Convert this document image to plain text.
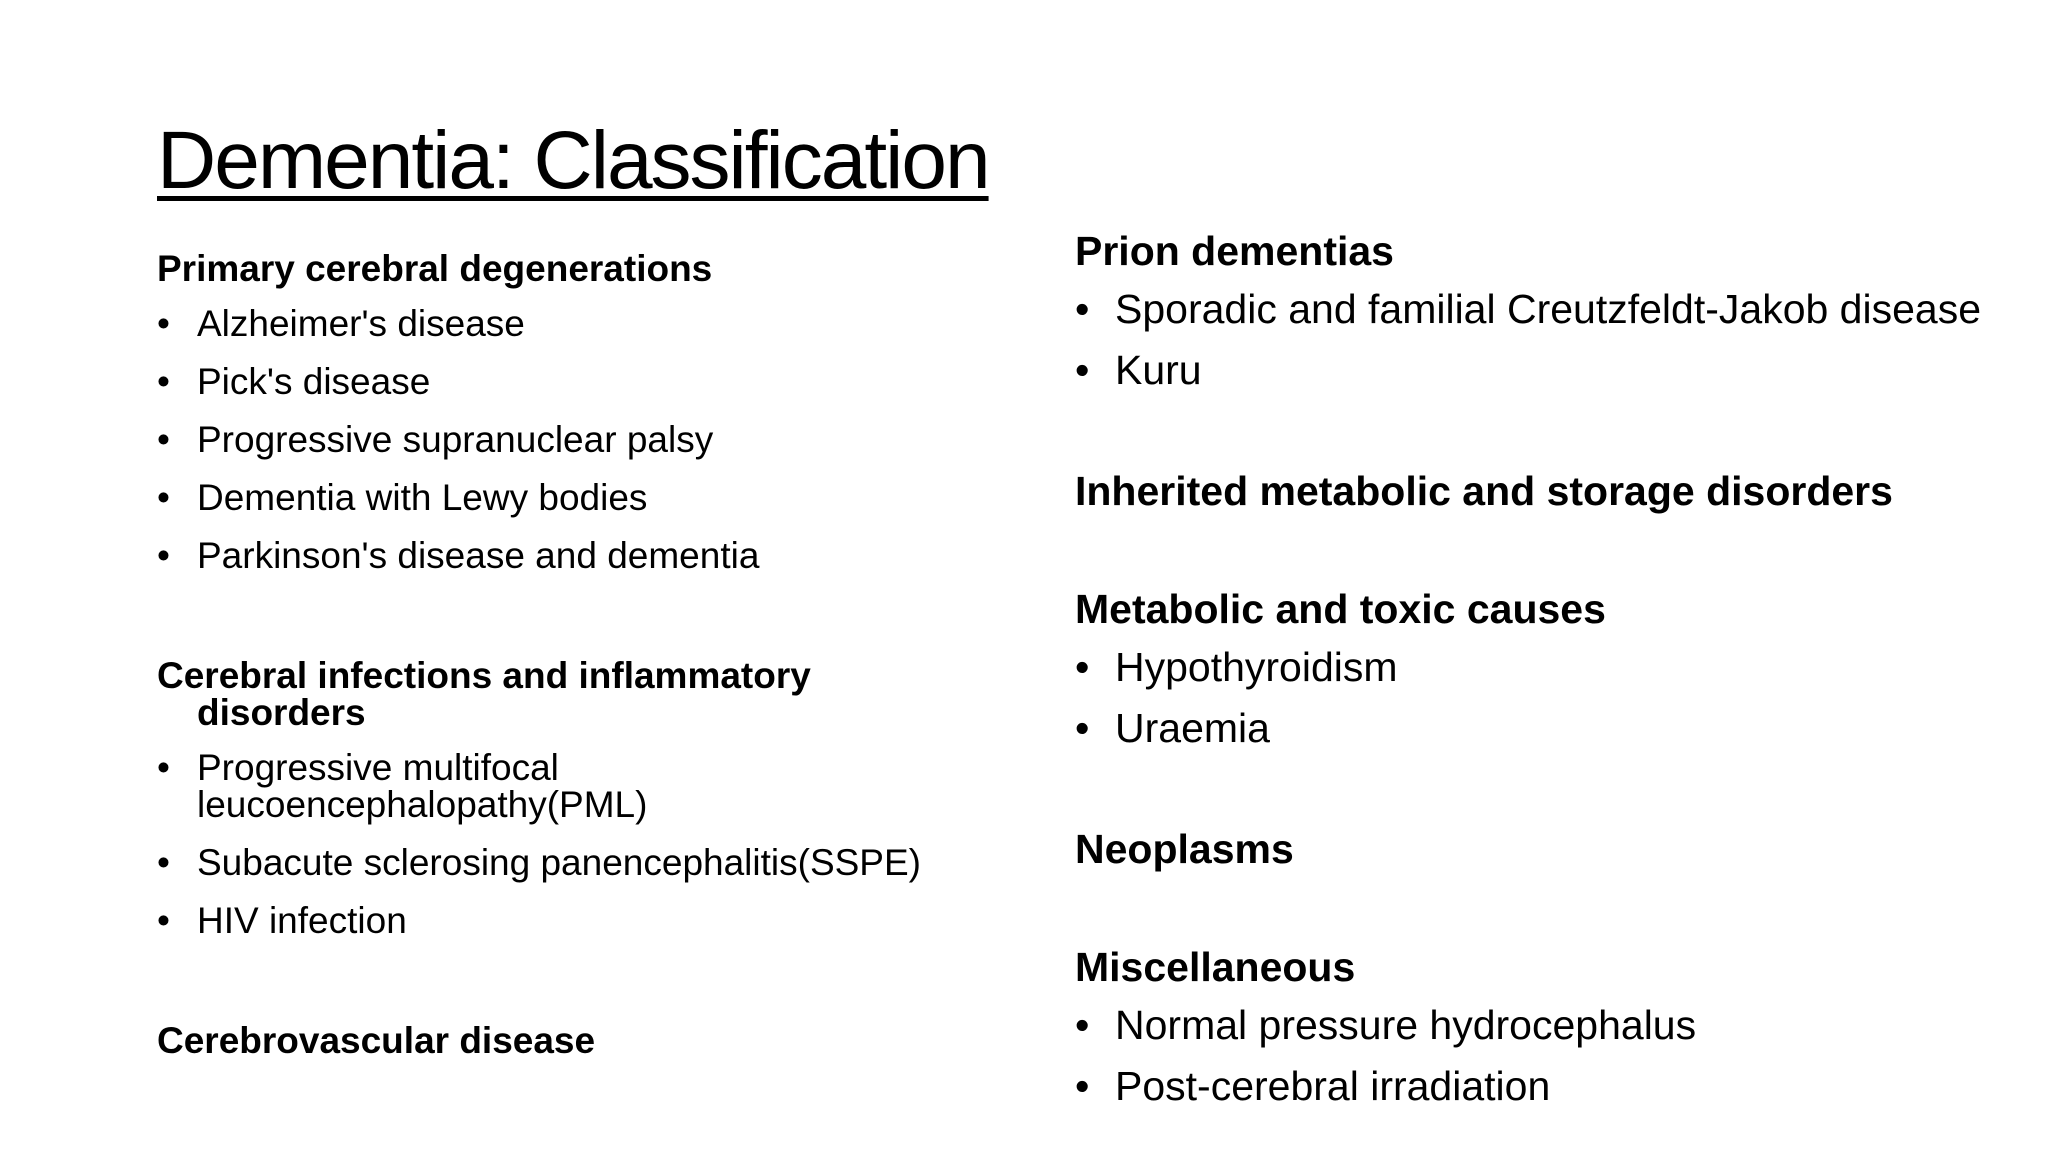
Dementia: Classification
Primary cerebral degenerations
• Alzheimer's disease
• Pick's disease
• Progressive supranuclear palsy
• Dementia with Lewy bodies
• Parkinson's disease and dementia
Cerebral infections and inflammatory
disorders
• Progressive multifocal
leucoencephalopathy(PML)
• Subacute sclerosing panencephalitis(SSPE)
• HIV infection
Cerebrovascular disease
Prion dementias
• Sporadic and familial Creutzfeldt-Jakob disease
• Kuru
Inherited metabolic and storage disorders
Metabolic and toxic causes
• Hypothyroidism
• Uraemia
Neoplasms
Miscellaneous
• Normal pressure hydrocephalus
• Post-cerebral irradiation
